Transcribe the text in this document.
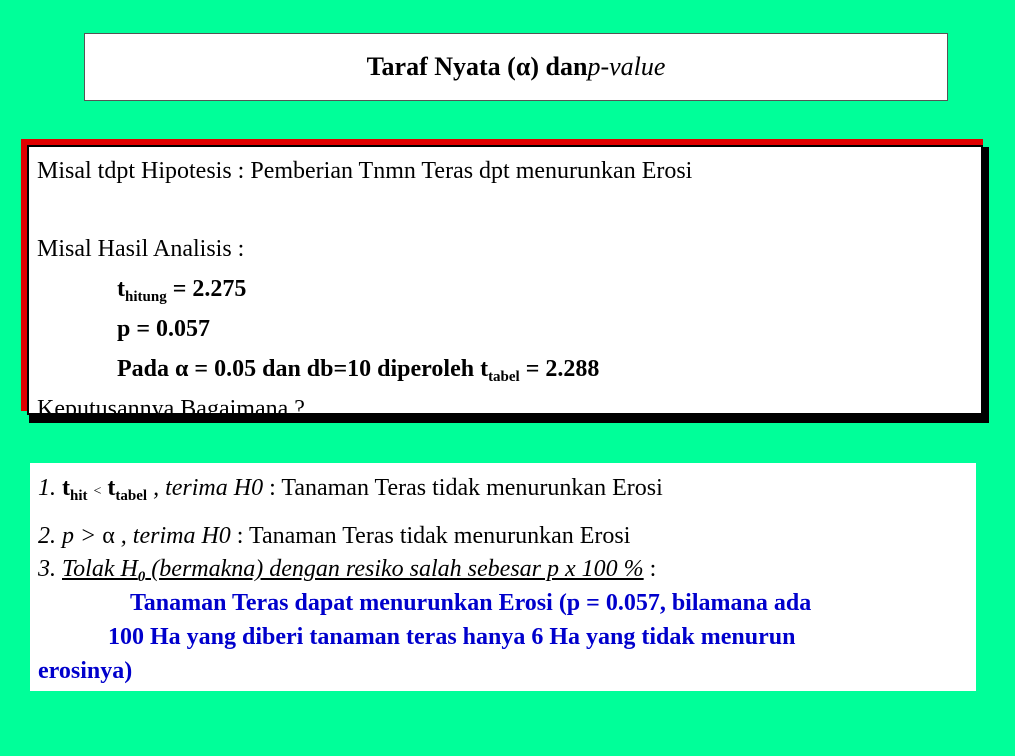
Taraf Nyata ( α ) dan p-value
Misal tdpt Hipotesis : Pemberian Tnmn Teras dpt menurunkan Erosi
Misal Hasil Analisis :
$t_{hitung} = 2.275$
p = 0.057
Pada α = 0.05 dan db=10 diperoleh $t_{tabel} = 2.288$
Keputusannya Bagaimana ?
1. $t_{hit} < t_{tabel}$ , terima H0 : Tanaman Teras tidak menurunkan Erosi
2. p > α , terima H0 : Tanaman Teras tidak menurunkan Erosi
3. Tolak $H_0$ (bermakna) dengan resiko salah sebesar p x 100 % :
Tanaman Teras dapat menurunkan Erosi (p = 0.057, bilamana ada
100 Ha yang diberi tanaman teras hanya 6 Ha yang tidak menurun
erosinya)
